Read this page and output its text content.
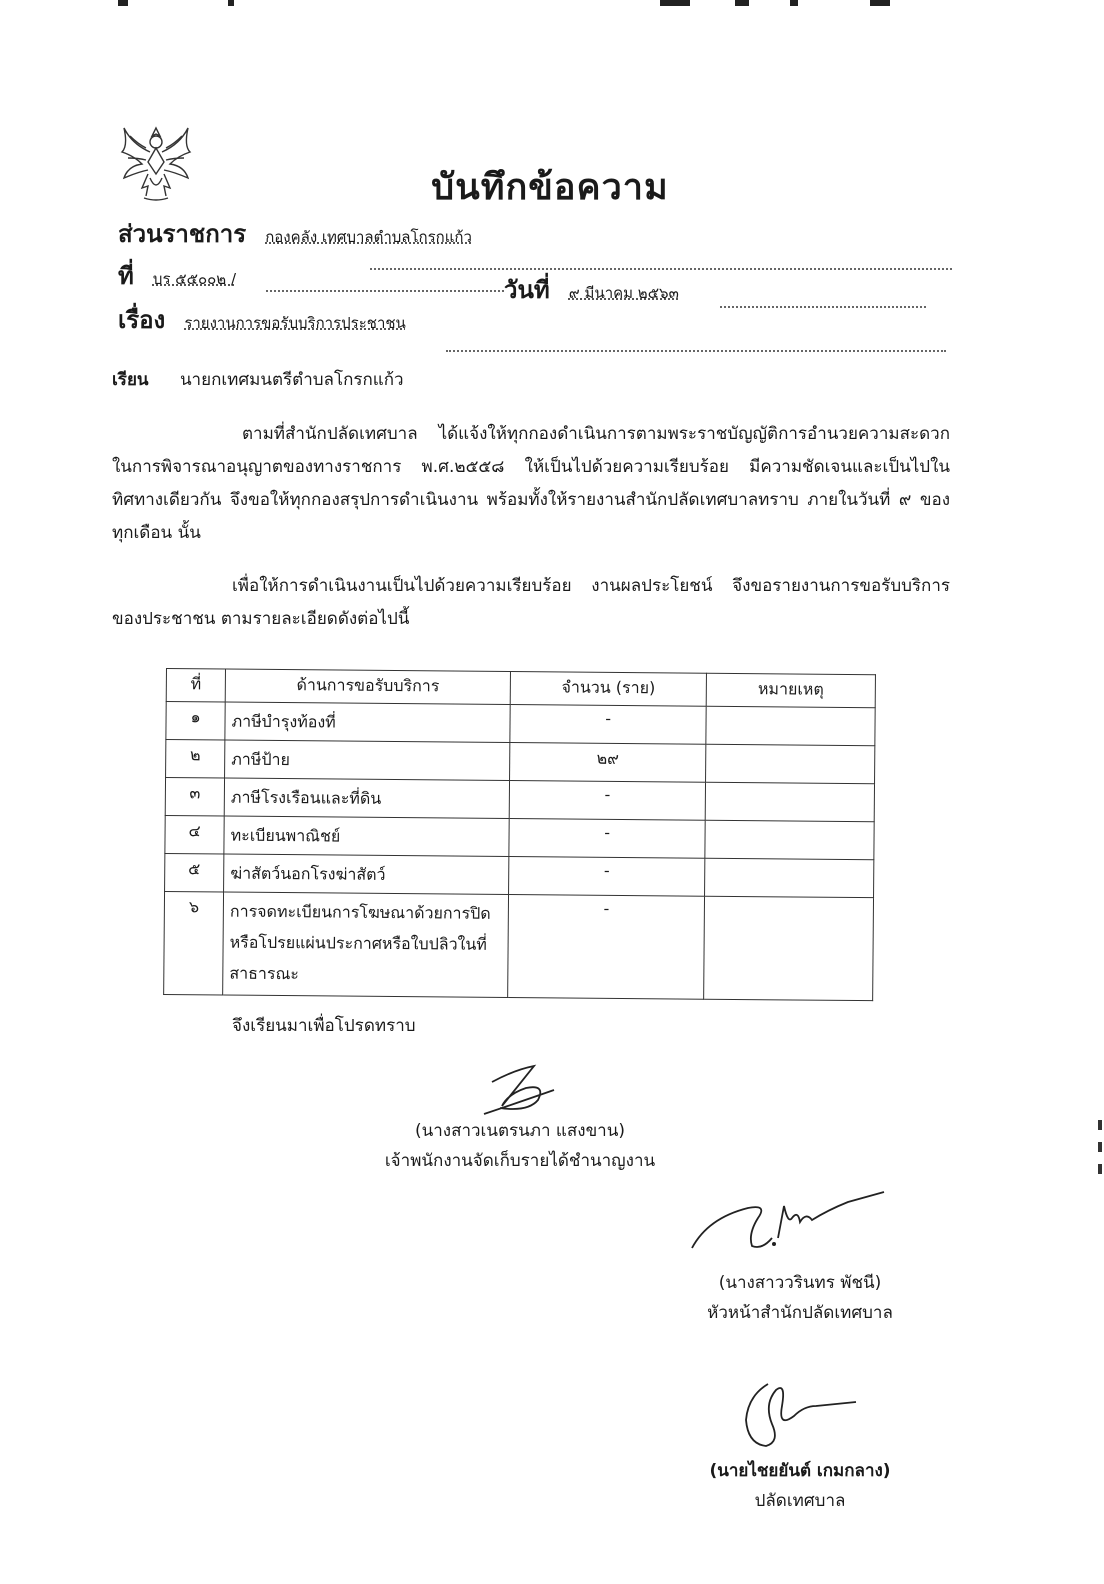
บันทึกข้อความ
ส่วนราชการ กองคลัง เทศบาลตำบลโกรกแก้ว
ที่ บร ๕๕๐๐๒ /	วันที่ ๙ มีนาคม ๒๕๖๓
เรื่อง รายงานการขอรับบริการประชาชน
เรียน นายกเทศมนตรีตำบลโกรกแก้ว
ตามที่สำนักปลัดเทศบาล ได้แจ้งให้ทุกกองดำเนินการตามพระราชบัญญัติการอำนวยความสะดวกในการพิจารณาอนุญาตของทางราชการ พ.ศ.๒๕๕๘ ให้เป็นไปด้วยความเรียบร้อย มีความชัดเจนและเป็นไปในทิศทางเดียวกัน จึงขอให้ทุกกองสรุปการดำเนินงาน พร้อมทั้งให้รายงานสำนักปลัดเทศบาลทราบ ภายในวันที่ ๙ ของทุกเดือน นั้น
เพื่อให้การดำเนินงานเป็นไปด้วยความเรียบร้อย งานผลประโยชน์ จึงขอรายงานการขอรับบริการของประชาชน ตามรายละเอียดดังต่อไปนี้
ที่	ด้านการขอรับบริการ	จำนวน (ราย)	หมายเหตุ
๑	ภาษีบำรุงท้องที่	-	
๒	ภาษีป้าย	๒๙	
๓	ภาษีโรงเรือนและที่ดิน	-	
๔	ทะเบียนพาณิชย์	-	
๕	ฆ่าสัตว์นอกโรงฆ่าสัตว์	-	
๖	การจดทะเบียนการโฆษณาด้วยการปิด หรือโปรยแผ่นประกาศหรือใบปลิวในที่สาธารณะ	-	
จึงเรียนมาเพื่อโปรดทราบ
(นางสาวเนตรนภา แสงขาน)
เจ้าพนักงานจัดเก็บรายได้ชำนาญงาน
(นางสาววรินทร พัชนี)
หัวหน้าสำนักปลัดเทศบาล
(นายไชยยันต์ เกมกลาง)
ปลัดเทศบาล
